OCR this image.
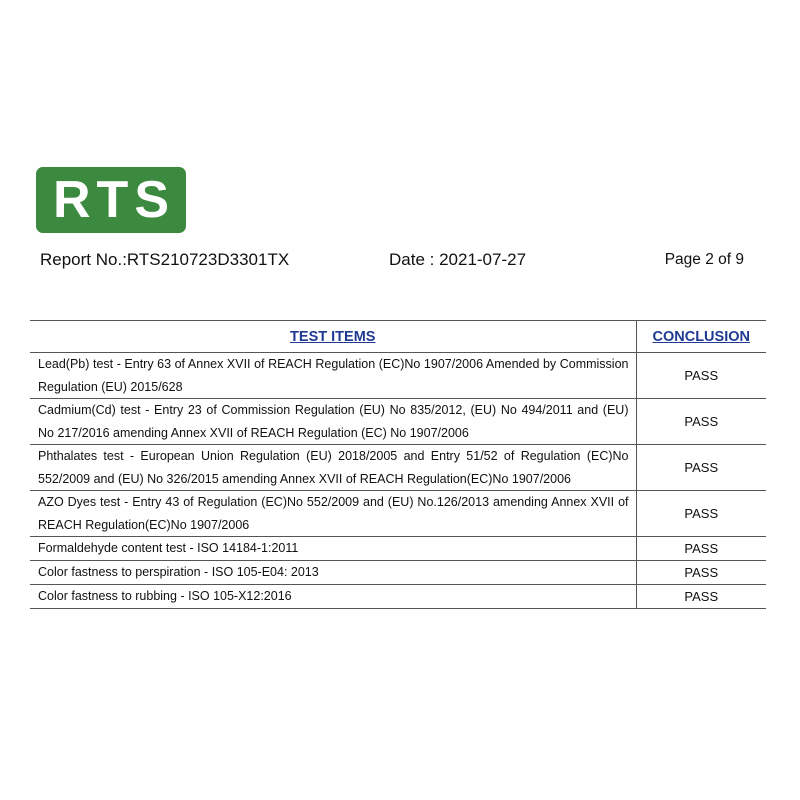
RTS
Report No.:RTS210723D3301TX	Date : 2021-07-27	Page 2 of 9
TEST ITEMS	CONCLUSION
Lead(Pb) test - Entry 63 of Annex XVII of REACH Regulation (EC)No 1907/2006 Amended by Commission Regulation (EU) 2015/628	PASS
Cadmium(Cd) test - Entry 23 of Commission Regulation (EU) No 835/2012, (EU) No 494/2011 and (EU) No 217/2016 amending Annex XVII of REACH Regulation (EC) No 1907/2006	PASS
Phthalates test - European Union Regulation (EU) 2018/2005 and Entry 51/52 of Regulation (EC)No 552/2009 and (EU) No 326/2015 amending Annex XVII of REACH Regulation(EC)No 1907/2006	PASS
AZO Dyes test - Entry 43 of Regulation (EC)No 552/2009 and (EU) No.126/2013 amending Annex XVII of REACH Regulation(EC)No 1907/2006	PASS
Formaldehyde content test - ISO 14184-1:2011	PASS
Color fastness to perspiration - ISO 105-E04: 2013	PASS
Color fastness to rubbing - ISO 105-X12:2016	PASS
